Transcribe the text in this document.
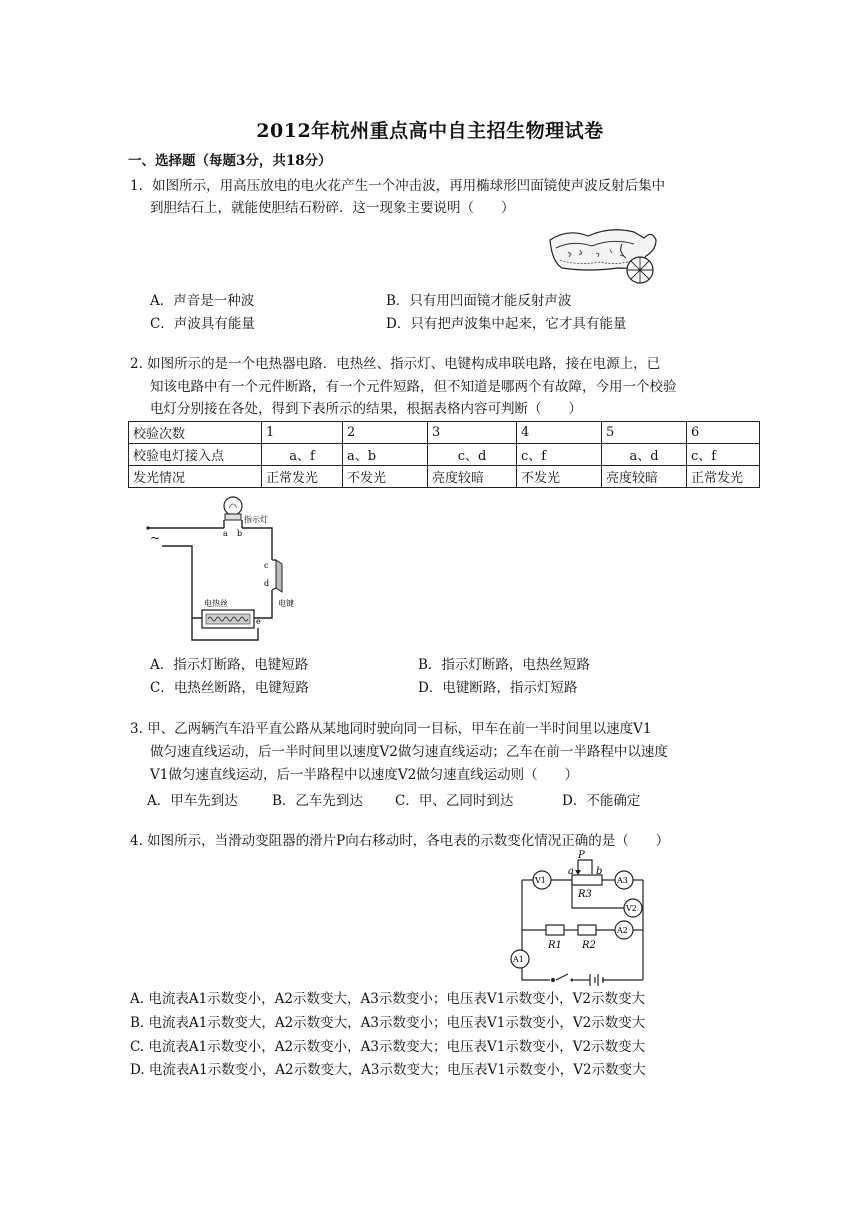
2012年杭州重点高中自主招生物理试卷
一、选择题（每题3分，共18分）
1．如图所示，用高压放电的电火花产生一个冲击波，再用椭球形凹面镜使声波反射后集中
到胆结石上，就能使胆结石粉碎．这一现象主要说明（　　）
A．声音是一种波	B．只有用凹面镜才能反射声波
C．声波具有能量	D．只有把声波集中起来，它才具有能量
2. 如图所示的是一个电热器电路．电热丝、指示灯、电键构成串联电路，接在电源上，已
知该电路中有一个元件断路，有一个元件短路，但不知道是哪两个有故障，今用一个校验
电灯分别接在各处，得到下表所示的结果，根据表格内容可判断（　　）
校验次数	1	2	3	4	5	6
校验电灯接入点	a、f	a、b	c、d	c、f	a、d	c、f
发光情况	正常发光	不发光	亮度较暗	不发光	亮度较暗	正常发光
~
指示灯
a b
c
d
电键
电热丝
e
A．指示灯断路，电键短路	B．指示灯断路，电热丝短路
C．电热丝断路，电键短路	D．电键断路，指示灯短路
3. 甲、乙两辆汽车沿平直公路从某地同时驶向同一目标，甲车在前一半时间里以速度V1
做匀速直线运动，后一半时间里以速度V2做匀速直线运动；乙车在前一半路程中以速度
V1做匀速直线运动，后一半路程中以速度V2做匀速直线运动则（　　）
A．甲车先到达	B．乙车先到达 C．甲、乙同时到达	D．不能确定
4. 如图所示，当滑动变阻器的滑片P向右移动时，各电表的示数变化情况正确的是（　　）
V1	A3
V2
A2
A1
P
a b
R3
R1 R2
A. 电流表A1示数变小，A2示数变大，A3示数变小；电压表V1示数变小，V2示数变大
B. 电流表A1示数变大，A2示数变大，A3示数变小；电压表V1示数变小，V2示数变大
C. 电流表A1示数变小，A2示数变小，A3示数变大；电压表V1示数变小，V2示数变大
D. 电流表A1示数变小，A2示数变大，A3示数变大；电压表V1示数变小，V2示数变大
